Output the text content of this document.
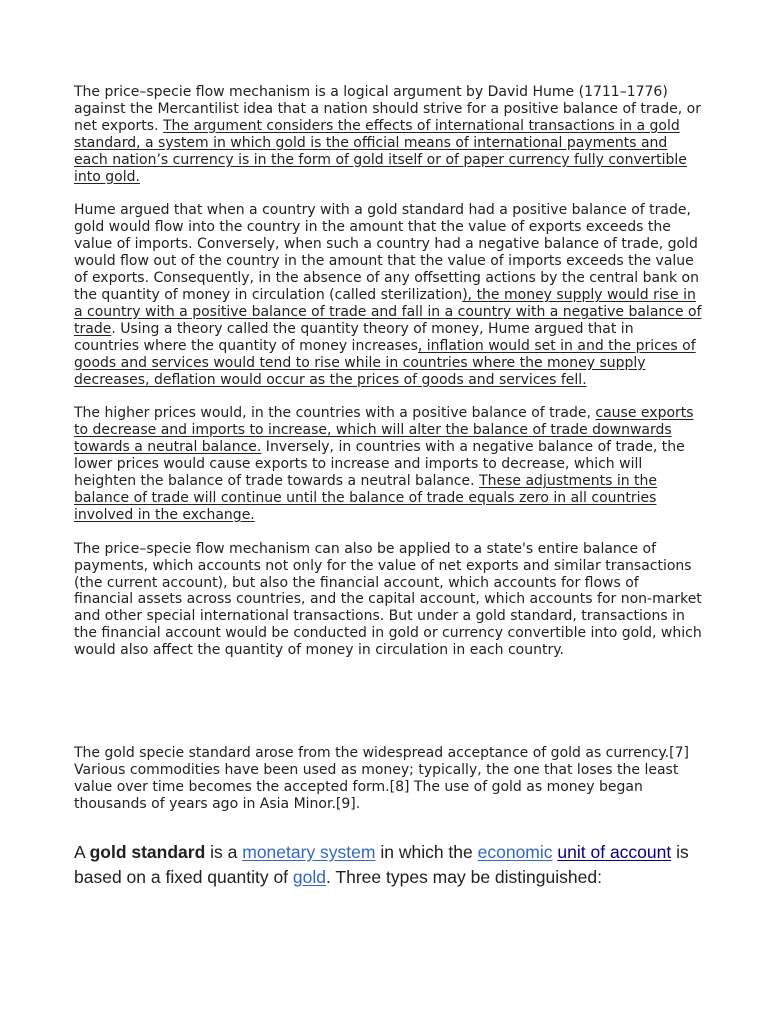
The price–specie flow mechanism is a logical argument by David Hume (1711–1776) against the Mercantilist idea that a nation should strive for a positive balance of trade, or net exports. The argument considers the effects of international transactions in a gold standard, a system in which gold is the official means of international payments and each nation’s currency is in the form of gold itself or of paper currency fully convertible into gold.

Hume argued that when a country with a gold standard had a positive balance of trade, gold would flow into the country in the amount that the value of exports exceeds the value of imports. Conversely, when such a country had a negative balance of trade, gold would flow out of the country in the amount that the value of imports exceeds the value of exports. Consequently, in the absence of any offsetting actions by the central bank on the quantity of money in circulation (called sterilization), the money supply would rise in a country with a positive balance of trade and fall in a country with a negative balance of trade. Using a theory called the quantity theory of money, Hume argued that in countries where the quantity of money increases, inflation would set in and the prices of goods and services would tend to rise while in countries where the money supply decreases, deflation would occur as the prices of goods and services fell.

The higher prices would, in the countries with a positive balance of trade, cause exports to decrease and imports to increase, which will alter the balance of trade downwards towards a neutral balance. Inversely, in countries with a negative balance of trade, the lower prices would cause exports to increase and imports to decrease, which will heighten the balance of trade towards a neutral balance. These adjustments in the balance of trade will continue until the balance of trade equals zero in all countries involved in the exchange.

The price–specie flow mechanism can also be applied to a state's entire balance of payments, which accounts not only for the value of net exports and similar transactions (the current account), but also the financial account, which accounts for flows of financial assets across countries, and the capital account, which accounts for non-market and other special international transactions. But under a gold standard, transactions in the financial account would be conducted in gold or currency convertible into gold, which would also affect the quantity of money in circulation in each country.

The gold specie standard arose from the widespread acceptance of gold as currency.[7] Various commodities have been used as money; typically, the one that loses the least value over time becomes the accepted form.[8] The use of gold as money began thousands of years ago in Asia Minor.[9].

A gold standard is a monetary system in which the economic unit of account is based on a fixed quantity of gold. Three types may be distinguished:
